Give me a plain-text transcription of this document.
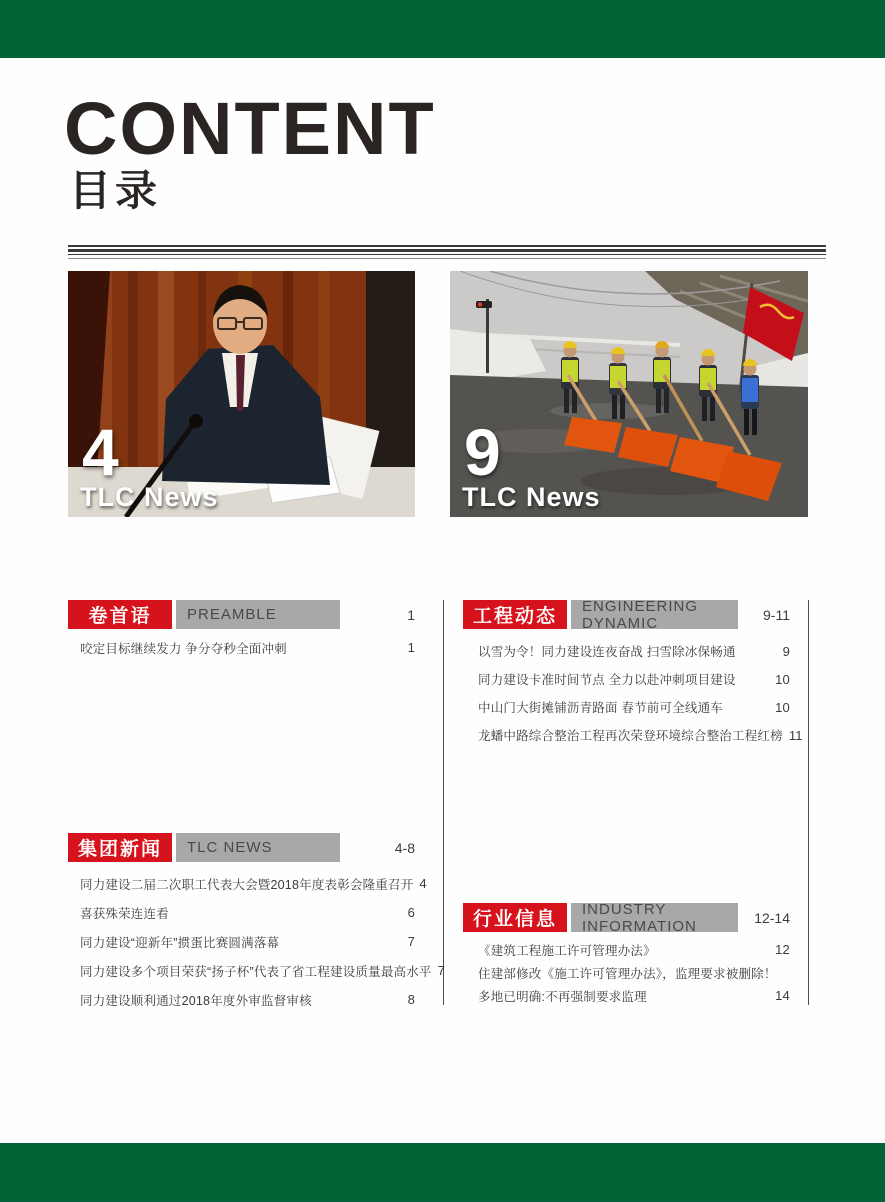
CONTENT
目录
4
TLC News
9
TLC News
卷首语	PREAMBLE	1
咬定目标继续发力 争分夺秒全面冲刺	1
集团新闻	TLC NEWS	4-8
同力建设二届二次职工代表大会暨2018年度表彰会隆重召开 4
喜获殊荣连连看	6
同力建设“迎新年”掼蛋比赛圆满落幕	7
同力建设多个项目荣获“扬子杯”代表了省工程建设质量最高水平 7
同力建设顺利通过2018年度外审监督审核	8
工程动态	ENGINEERING DYNAMIC	9-11
以雪为令！同力建设连夜奋战 扫雪除冰保畅通	9
同力建设卡准时间节点 全力以赴冲刺项目建设	10
中山门大街摊铺沥青路面 春节前可全线通车	10
龙蟠中路综合整治工程再次荣登环境综合整治工程红榜 11
行业信息	INDUSTRY INFORMATION	12-14
《建筑工程施工许可管理办法》	12
住建部修改《施工许可管理办法》，监理要求被删除！
多地已明确:不再强制要求监理	14
